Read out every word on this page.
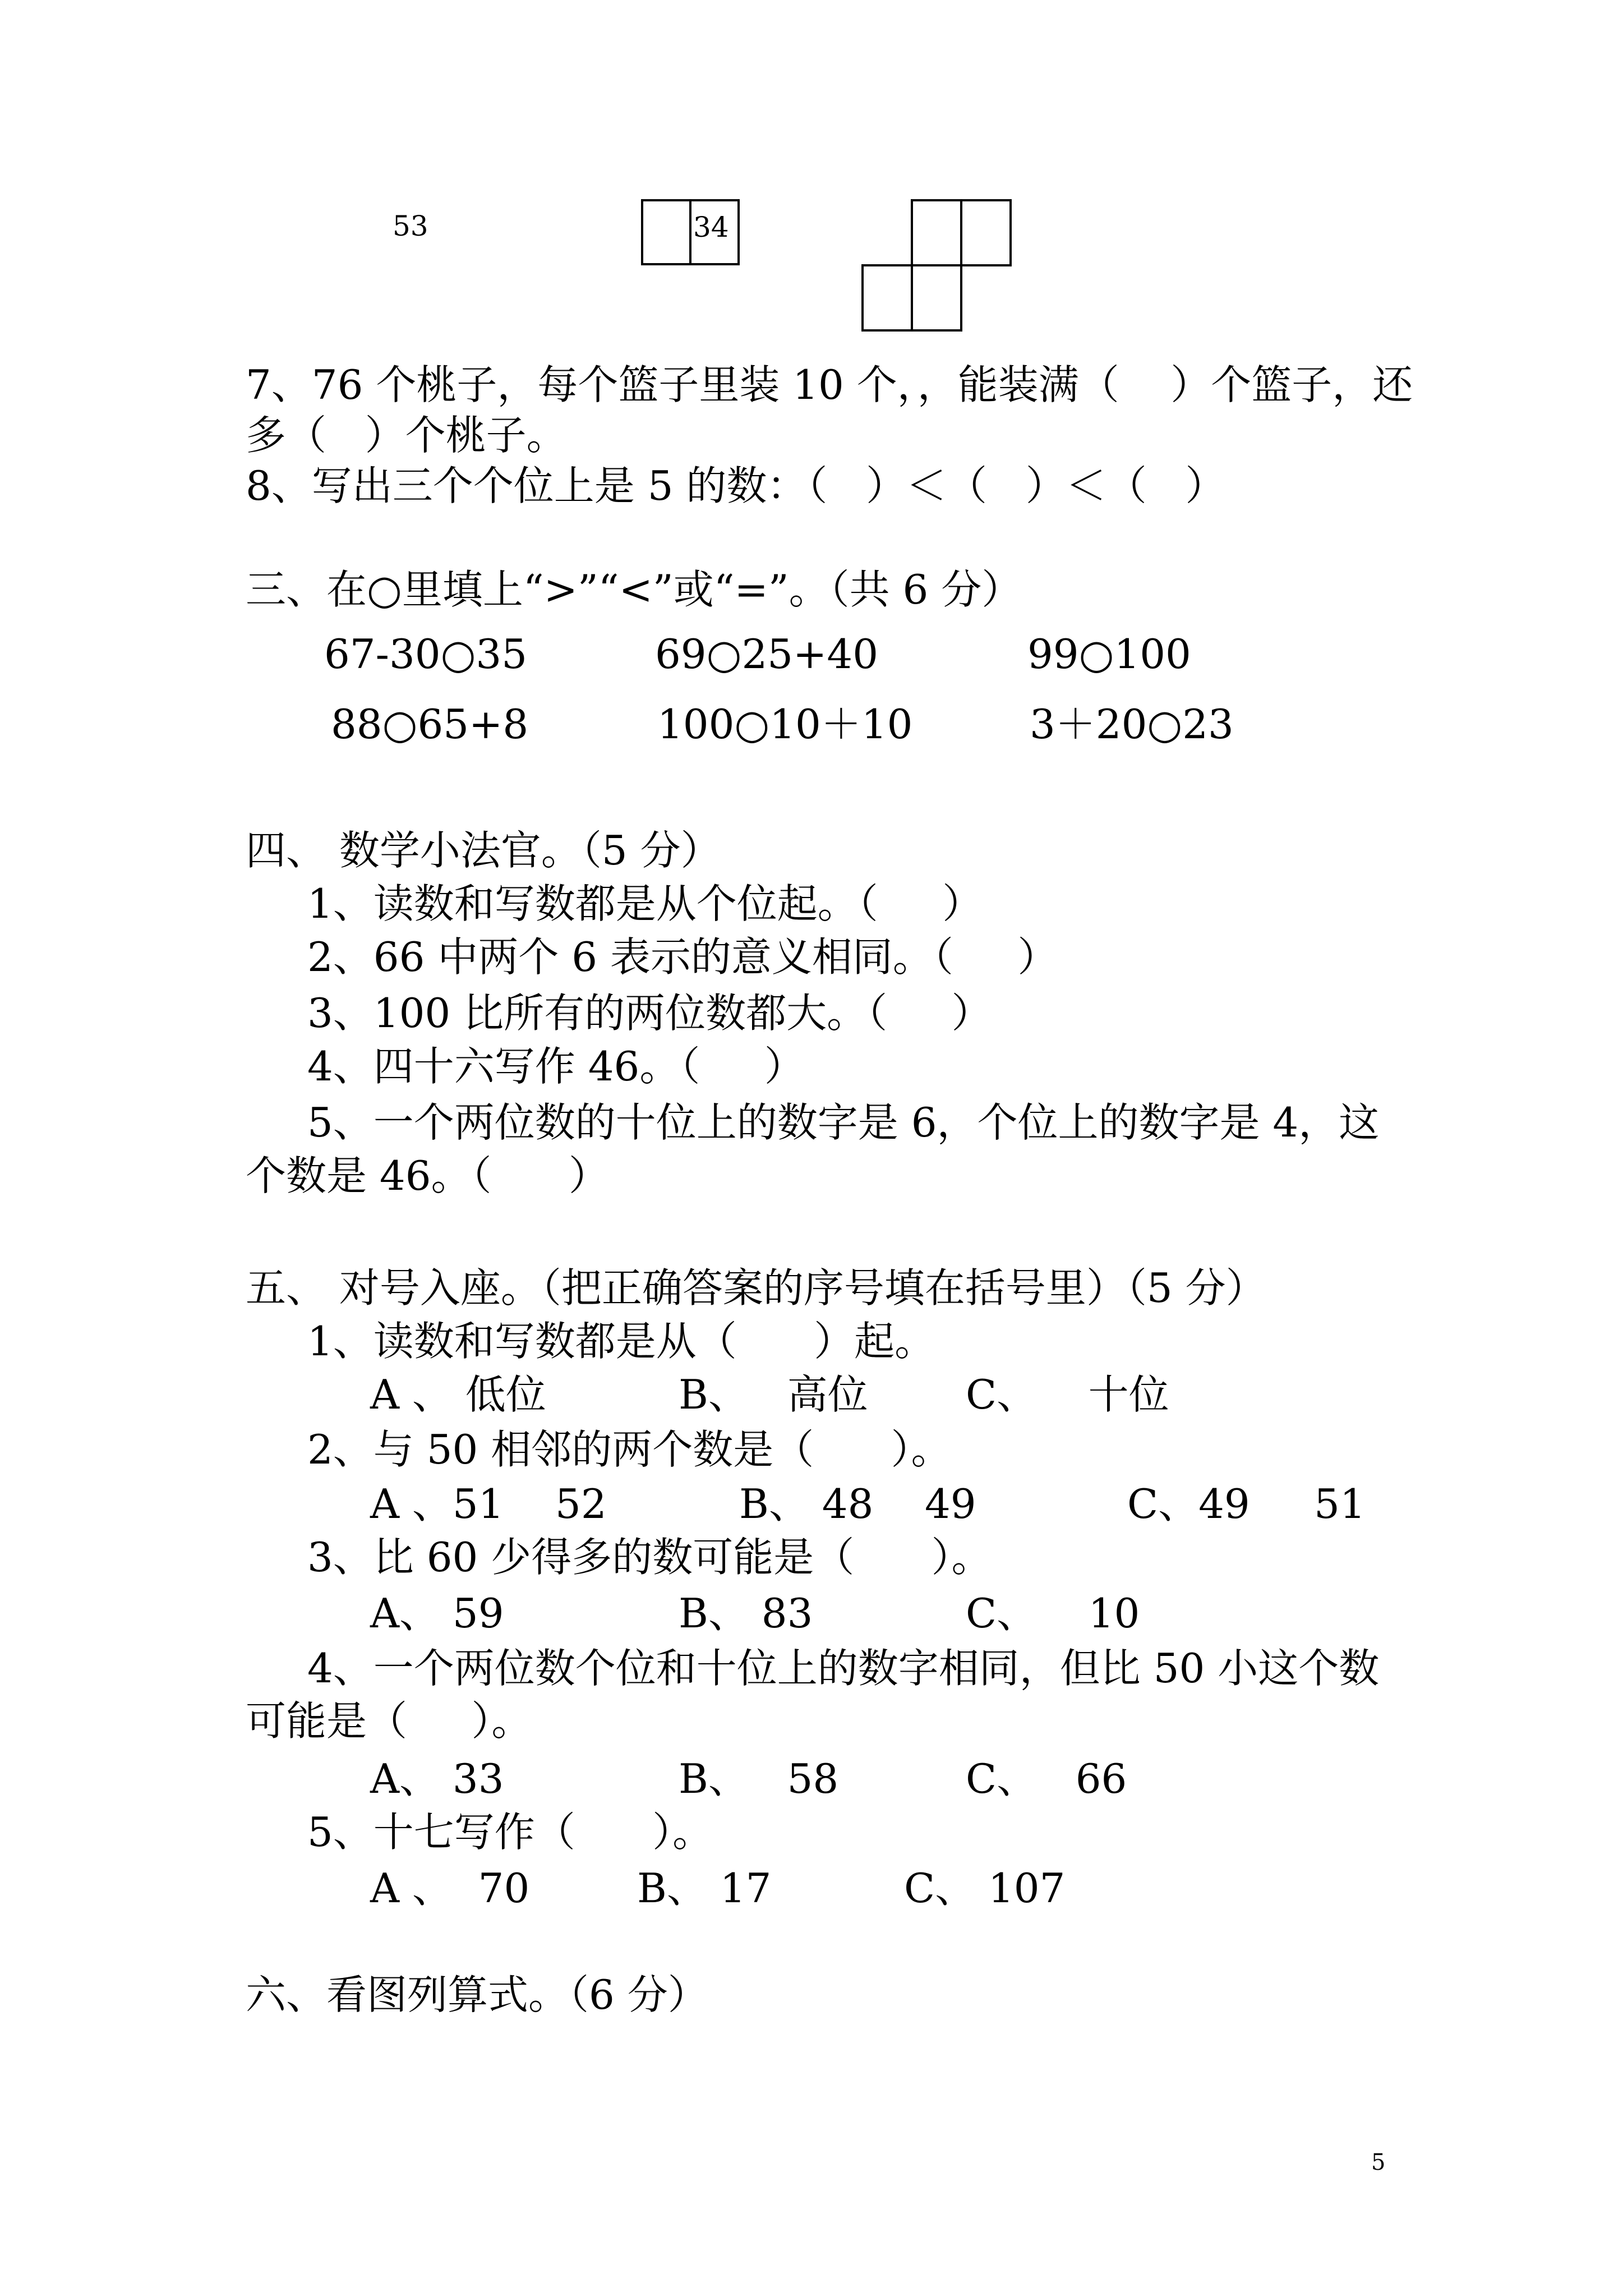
53	34
7、76 个桃子，每个篮子里装 10 个，，能装满（    ）个篮子，还
多（   ）个桃子。
8、写出三个个位上是 5 的数：（   ）＜（   ）＜（   ）
三、在○里填上“>”“<”或“=”。（共 6 分）
67-30○35	69○25+40	99○100
88○65+8	100○10＋10	3＋20○23
四、 数学小法官。（5 分）
1、读数和写数都是从个位起。（     ）
2、66 中两个 6 表示的意义相同。（     ）
3、100 比所有的两位数都大。（     ）
4、四十六写作 46。（     ）
5、一个两位数的十位上的数字是 6，个位上的数字是 4，这
个数是 46。（      ）
五、 对号入座。（把正确答案的序号填在括号里）（5 分）
1、读数和写数都是从（      ）起。
A 、 低位	B、   高位 C、    十位
2、与 50 相邻的两个数是（      ）。
A 、51    52	B、 48    49	C、49     51
3、比 60 少得多的数可能是（      ）。
A、 59	B、 83	C、    10
4、一个两位数个位和十位上的数字相同，但比 50 小这个数
可能是（     ）。
A、 33	B、   58	C、   66
5、十七写作（      ）。
A 、  70	B、 17	C、 107
六、看图列算式。（6 分）
5
